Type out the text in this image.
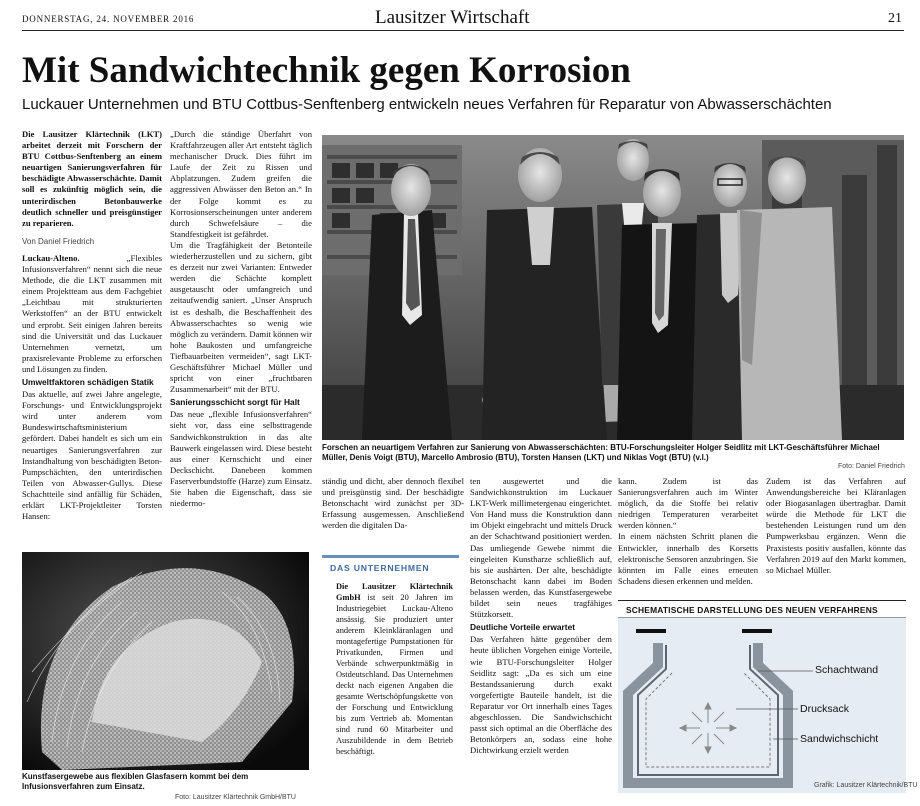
DONNERSTAG, 24. NOVEMBER 2016	Lausitzer Wirtschaft	21
Mit Sandwichtechnik gegen Korrosion
Luckauer Unternehmen und BTU Cottbus-Senftenberg entwickeln neues Verfahren für Reparatur von Abwasserschächten

Die Lausitzer Klärtechnik (LKT) arbeitet derzeit mit Forschern der BTU Cottbus-Senftenberg an einem neuartigen Sanierungsverfahren für beschädigte Abwasserschächte. Damit soll es zukünftig möglich sein, die unterirdischen Betonbauwerke deutlich schneller und preisgünstiger zu reparieren.

Von Daniel Friedrich

Luckau-Alteno.	„Flexibles Infusionsverfahren“ nennt sich die neue Methode, die die LKT zusammen mit einem Projektteam aus dem Fachgebiet „Leichtbau mit strukturierten Werkstoffen“ an der BTU entwickelt und erprobt. Seit einigen Jahren bereits sind die Universität und das Luckauer Unternehmen vernetzt, um praxisrelevante Probleme zu erforschen und Lösungen zu finden.

Umweltfaktoren schädigen Statik

Das aktuelle, auf zwei Jahre angelegte, Forschungs- und Entwicklungsprojekt wird unter anderem vom Bundeswirtschaftsministerium gefördert. Dabei handelt es sich um ein neuartiges Sanierungsverfahren zur Instandhaltung von beschädigten Beton-Pumpschächten, den unterirdischen Teilen von Abwasser-Gullys. Diese Schachtteile sind anfällig für Schäden, erklärt LKT-Projektleiter Torsten Hansen:

„Durch die ständige Überfahrt von Kraftfahrzeugen aller Art entsteht täglich mechanischer Druck. Dies führt im Laufe der Zeit zu Rissen und Abplatzungen. Zudem greifen die aggressiven Abwässer den Beton an.“ In der Folge kommt es zu Korrosionserscheinungen unter anderem durch Schwefelsäure – die Standfestigkeit ist gefährdet.

Um die Tragfähigkeit der Betonteile wiederherzustellen und zu sichern, gibt es derzeit nur zwei Varianten: Entweder werden die Schächte komplett ausgetauscht oder umfangreich und zeitaufwendig saniert. „Unser Anspruch ist es deshalb, die Beschaffenheit des Abwasserschachtes so wenig wie möglich zu verändern. Damit können wir hohe Baukosten und umfangreiche Tiefbauarbeiten vermeiden“, sagt LKT-Geschäftsführer Michael Müller und spricht von einer „fruchtbaren Zusammenarbeit“ mit der BTU.

Sanierungsschicht sorgt für Halt

Das neue „flexible Infusionsverfahren“ sieht vor, dass eine selbsttragende Sandwichkonstruktion in das alte Bauwerk eingelassen wird. Diese besteht aus einer Kernschicht und einer Deckschicht. Danebeen kommen Faserverbundstoffe (Harze) zum Einsatz. Sie haben die Eigenschaft, dass sie niedermo-

Forschen an neuartigem Verfahren zur Sanierung von Abwasserschächten: BTU-Forschungsleiter Holger Seidlitz mit LKT-Geschäftsführer Michael Müller, Denis Voigt (BTU), Marcello Ambrosio (BTU), Torsten Hansen (LKT) und Niklas Vogt (BTU) (v.l.)
Foto: Daniel Friedrich

ständig und dicht, aber dennoch flexibel und preisgünstig sind. Der beschädigte Betonschacht wird zunächst per 3D-Erfassung ausgemessen. Anschließend werden die digitalen Da-

ten ausgewertet und die Sandwichkonstruktion im Luckauer LKT-Werk millimetergenau eingerichtet. Von Hand muss die Konstruktion dann im Objekt eingebracht und mittels Druck an der Schachtwand positioniert werden. Das umliegende Gewebe nimmt die eingeleiten Kunstharze schließlich auf, bis sie aushärten. Der alte, beschädigte Betonschacht kann dabei im Boden belassen werden, das Kunstfasergewebe bildet sein neues tragfähiges Stützkorsett.

Deutliche Vorteile erwartet

Das Verfahren hätte gegenüber dem heute üblichen Vorgehen einige Vorteile, wie BTU-Forschungsleiter Holger Seidlitz sagt: „Da es sich um eine Bestandssanierung durch exakt vorgefertigte Bauteile handelt, ist die Reparatur vor Ort innerhalb eines Tages abgeschlossen. Die Sandwichschicht passt sich optimal an die Oberfläche des Betonkörpers an, sodass eine hohe Dichtwirkung erzielt werden

kann. Zudem ist das Sanierungsverfahren auch im Winter möglich, da die Stoffe bei relativ niedrigen Temperaturen verarbeitet werden können.“

In einem nächsten Schritt planen die Entwickler, innerhalb des Korsetts elektronische Sensoren anzubringen. Sie könnten im Falle eines erneuten Schadens diesen erkennen und melden.

Zudem ist das Verfahren auf Anwendungsbereiche bei Kläranlagen oder Biogasanlagen übertragbar. Damit würde die Methode für LKT die bestehenden Leistungen rund um den Pumpwerksbau ergänzen. Wenn die Praxistests positiv ausfallen, könnte das Verfahren 2019 auf den Markt kommen, so Michael Müller.

Kunstfasergewebe aus flexiblen Glasfasern kommt bei dem Infusionsverfahren zum Einsatz.
Foto: Lausitzer Klärtechnik GmbH/BTU
DAS UNTERNEHMEN
Die Lausitzer Klärtechnik GmbH ist seit 20 Jahren im Industriegebiet Luckau-Alteno ansässig. Sie produziert unter anderem Kleinkläranlagen und montagefertige Pumpstationen für Privatkunden, Firmen und Verbände schwerpunktmäßig in Ostdeutschland. Das Unternehmen deckt nach eigenen Angaben die gesamte Wertschöpfungskette von der Forschung und Entwicklung bis zum Vertrieb ab. Momentan sind rund 60 Mitarbeiter und Auszubildende in dem Betrieb beschäftigt.
SCHEMATISCHE DARSTELLUNG DES NEUEN VERFAHRENS
Schachtwand
Drucksack
Sandwichschicht
Grafik: Lausitzer Klärtechnik/BTU
